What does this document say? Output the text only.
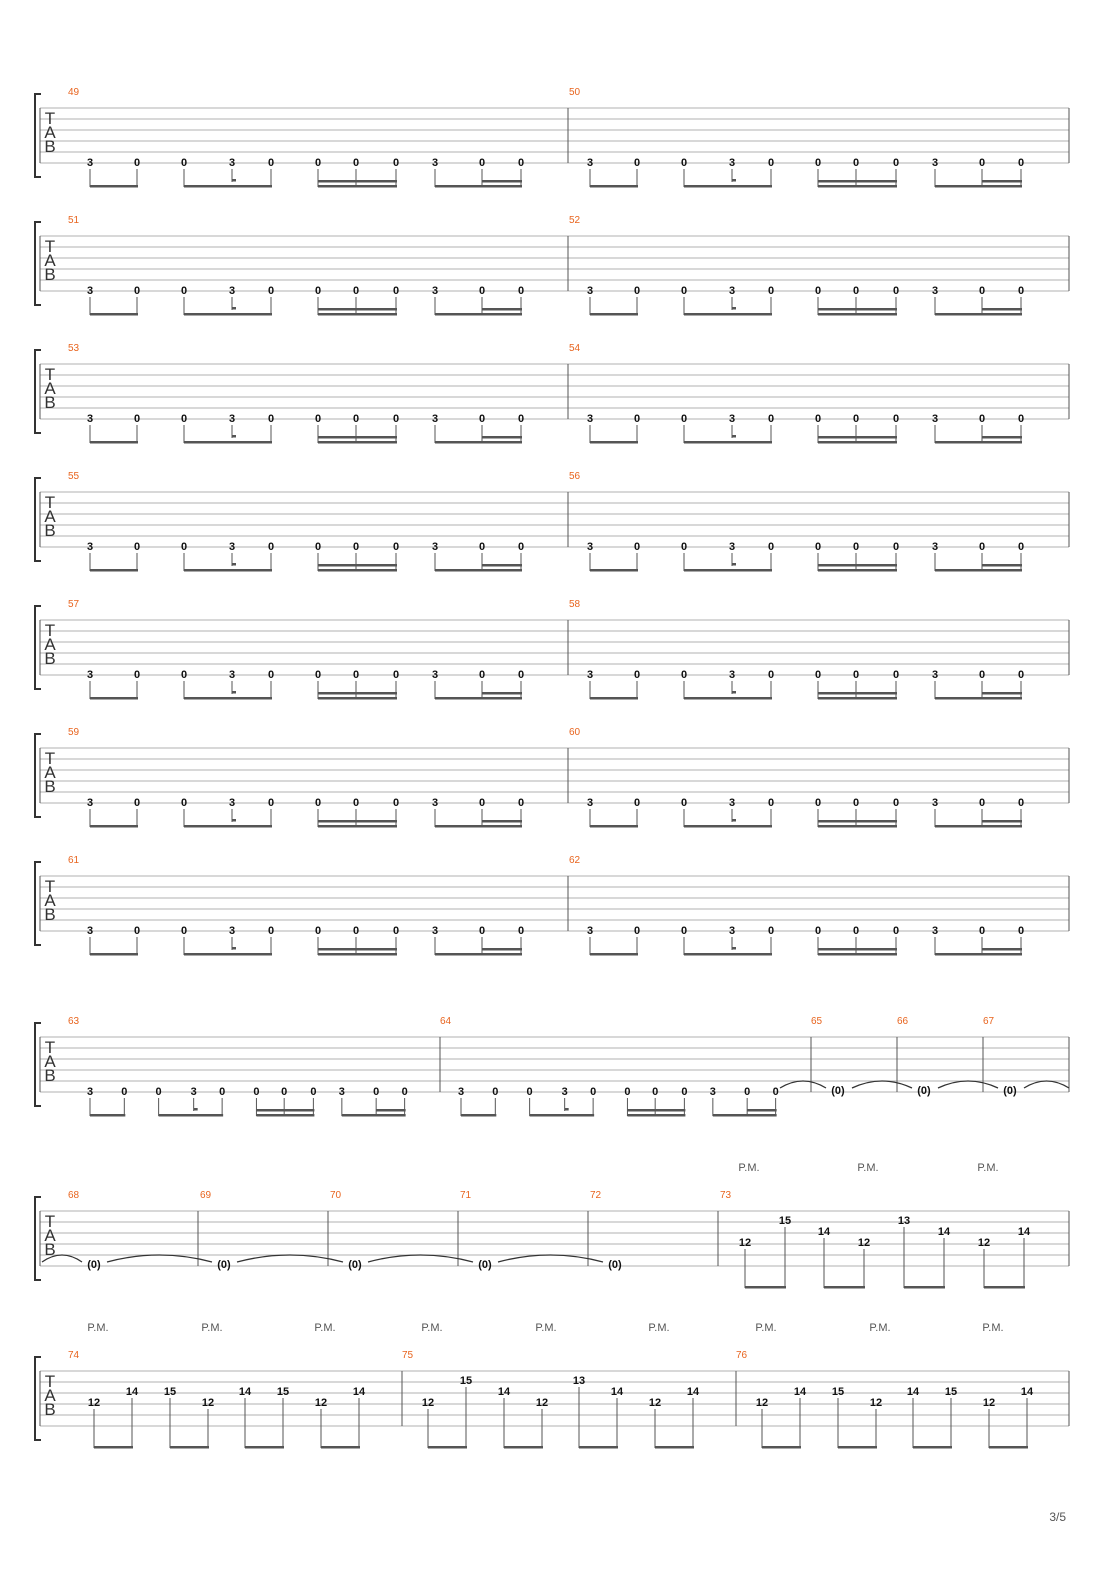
T
A
B
49	50
3	0	0	3	0	0	0	0	3	0	0	3	0	0	3	0	0	0	0	3	0	0
T
A
B
51	52
3	0	0	3	0	0	0	0	3	0	0	3	0	0	3	0	0	0	0	3	0	0
T
A
B
53	54
3	0	0	3	0	0	0	0	3	0	0	3	0	0	3	0	0	0	0	3	0	0
T
A
B
55	56
3	0	0	3	0	0	0	0	3	0	0	3	0	0	3	0	0	0	0	3	0	0
T
A
B
57	58
3	0	0	3	0	0	0	0	3	0	0	3	0	0	3	0	0	0	0	3	0	0
T
A
B
59	60
3	0	0	3	0	0	0	0	3	0	0	3	0	0	3	0	0	0	0	3	0	0
T
A
B
61	62
3	0	0	3	0	0	0	0	3	0	0	3	0	0	3	0	0	0	0	3	0	0
T
A
B
63	64	65	66	67
3	0	0	3 0	0 0 0 3	0 0	3	0	0	3 0	0 0 0 3	0 0	(0)	(0)	(0)
T
A
B
68	69	70	71	72	73
(0)	(0)	(0)	(0)	(0)
12
15
14
12
13
14
12
14
P.M.	P.M.	P.M.
T
A
B
74	75	76
12
14 15
12
14 15
12
14
12
15
14
12
13
14
12
14
12
14 15
12
14 15
12
14
P.M.	P.M.	P.M.	P.M.	P.M.	P.M.	P.M.	P.M.	P.M.
3/5
